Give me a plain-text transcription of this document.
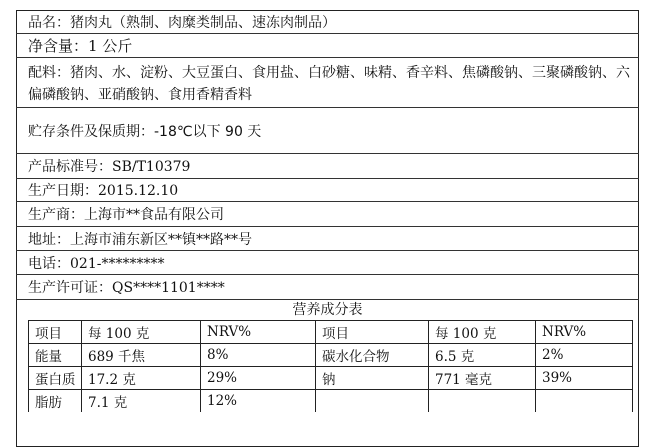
品名：猪肉丸（熟制、肉糜类制品、速冻肉制品）
净含量：1 公斤
配料：猪肉、水、淀粉、大豆蛋白、食用盐、白砂糖、味精、香辛料、焦磷酸钠、三聚磷酸钠、六偏磷酸钠、亚硝酸钠、食用香精香料
贮存条件及保质期： -18℃以下 90 天
产品标准号：SB/T10379
生产日期：2015.12.10
生产商：上海市**食品有限公司
地址：上海市浦东新区**镇**路**号
电话：021-*********
生产许可证：QS****1101****
营养成分表
项目	每 100 克	NRV%	项目	每 100 克	NRV%
能量	689 千焦	8%	碳水化合物	6.5 克	2%
蛋白质	17.2 克	29%	钠	771 毫克	39%
脂肪	7.1 克	12%			
